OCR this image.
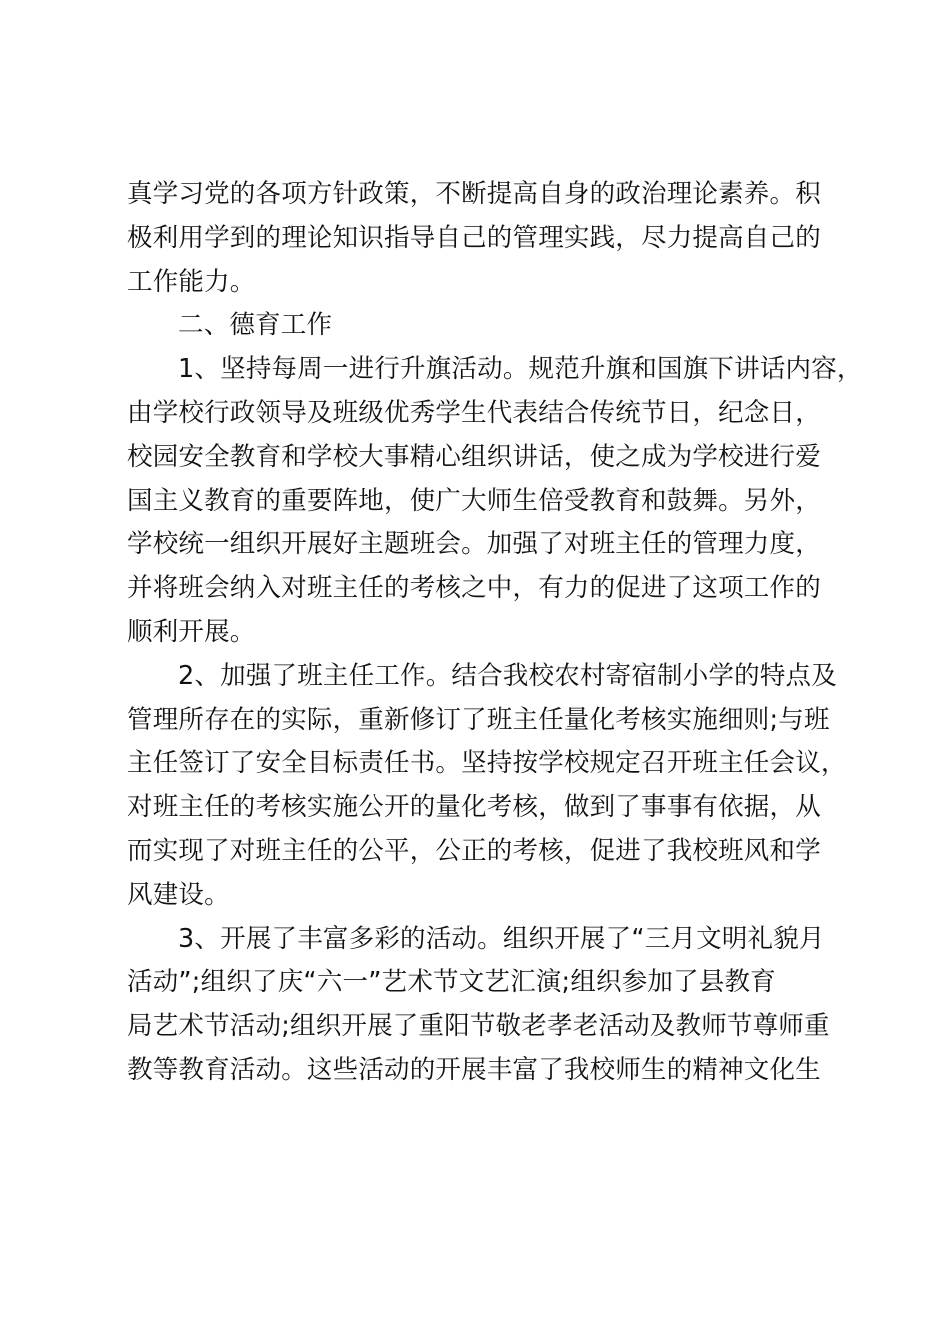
真学习党的各项方针政策，不断提高自身的政治理论素养。积
极利用学到的理论知识指导自己的管理实践，尽力提高自己的
工作能力。
二、德育工作
1、坚持每周一进行升旗活动。规范升旗和国旗下讲话内容，
由学校行政领导及班级优秀学生代表结合传统节日，纪念日，
校园安全教育和学校大事精心组织讲话，使之成为学校进行爱
国主义教育的重要阵地，使广大师生倍受教育和鼓舞。另外，
学校统一组织开展好主题班会。加强了对班主任的管理力度，
并将班会纳入对班主任的考核之中，有力的促进了这项工作的
顺利开展。
2、加强了班主任工作。结合我校农村寄宿制小学的特点及
管理所存在的实际，重新修订了班主任量化考核实施细则;与班
主任签订了安全目标责任书。坚持按学校规定召开班主任会议，
对班主任的考核实施公开的量化考核，做到了事事有依据，从
而实现了对班主任的公平，公正的考核，促进了我校班风和学
风建设。
3、开展了丰富多彩的活动。组织开展了“三月文明礼貌月
活动”;组织了庆“六一”艺术节文艺汇演;组织参加了县教育
局艺术节活动;组织开展了重阳节敬老孝老活动及教师节尊师重
教等教育活动。这些活动的开展丰富了我校师生的精神文化生
